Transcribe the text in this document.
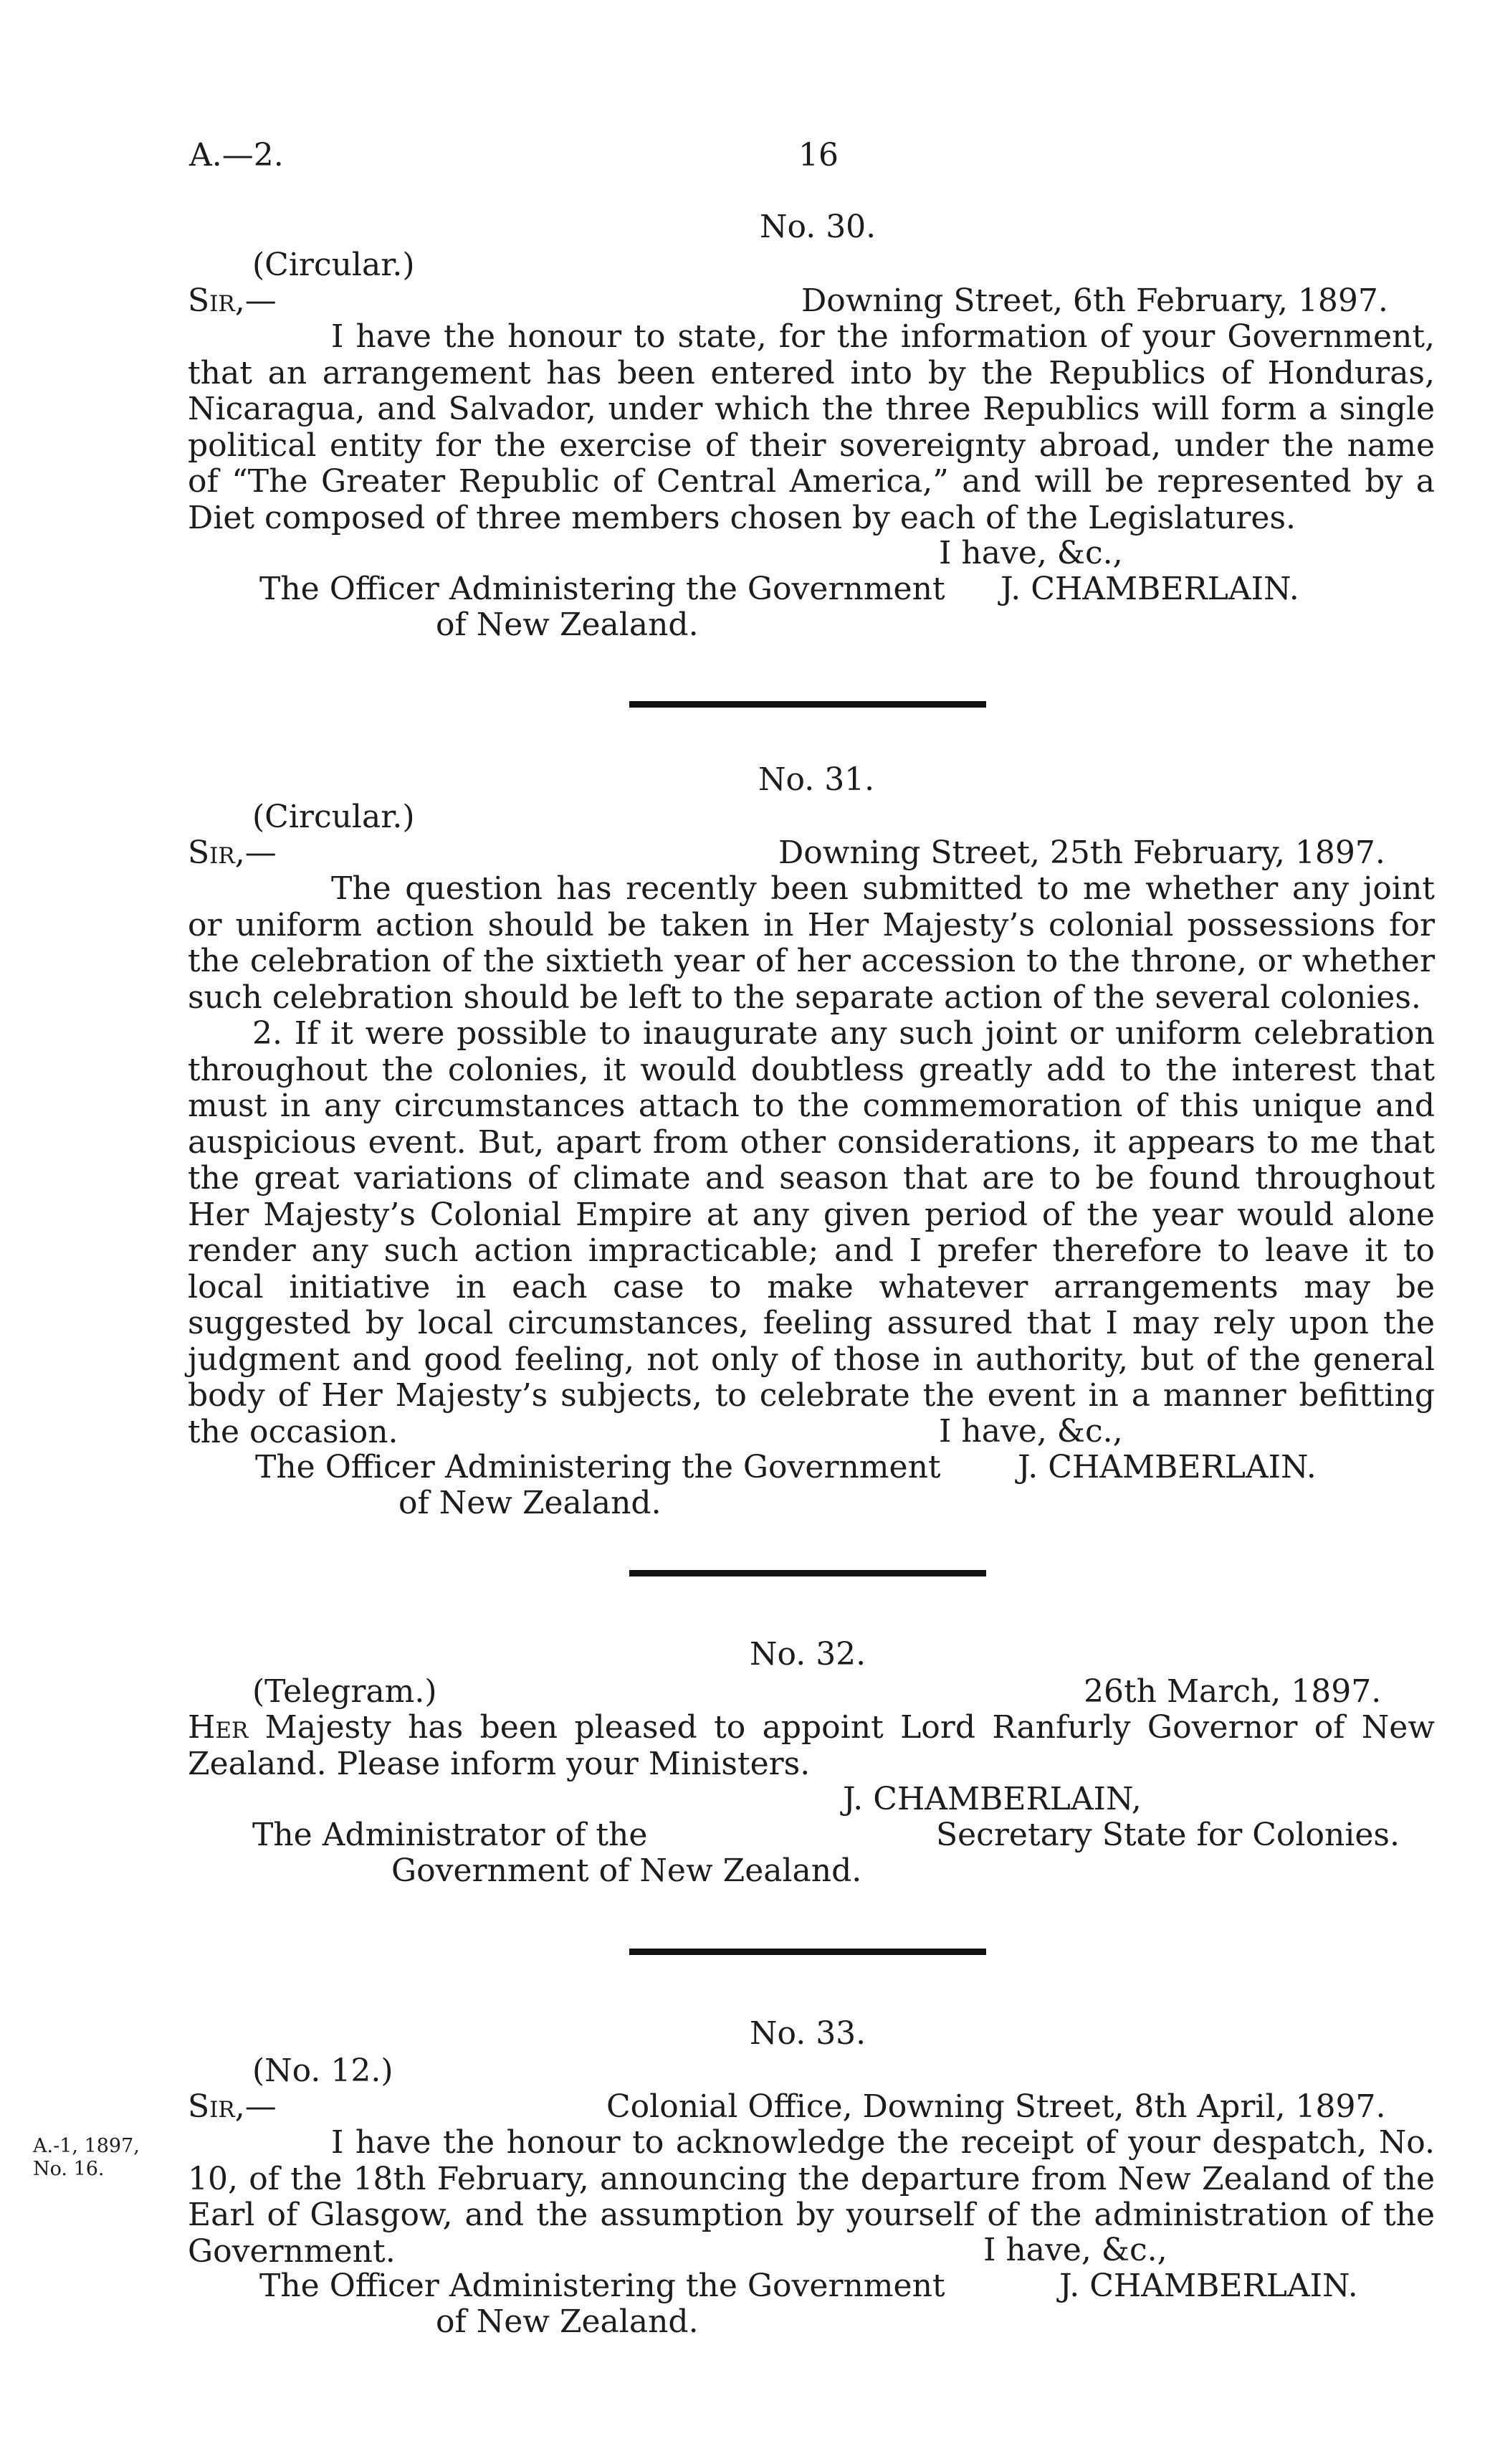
A.—2.	16
No. 30.
(Circular.)
Sir,—	Downing Street, 6th February, 1897.
I have the honour to state, for the information of your Government, that an arrangement has been entered into by the Republics of Honduras, Nicaragua, and Salvador, under which the three Republics will form a single political entity for the exercise of their sovereignty abroad, under the name of “The Greater Republic of Central America,” and will be represented by a Diet composed of three members chosen by each of the Legislatures.
I have, &c.,
The Officer Administering the Government J. CHAMBERLAIN.
of New Zealand.
No. 31.
(Circular.)
Sir,—	Downing Street, 25th February, 1897.
The question has recently been submitted to me whether any joint or uniform action should be taken in Her Majesty’s colonial possessions for the celebration of the sixtieth year of her accession to the throne, or whether such celebration should be left to the separate action of the several colonies.
2. If it were possible to inaugurate any such joint or uniform celebration throughout the colonies, it would doubtless greatly add to the interest that must in any circumstances attach to the commemoration of this unique and auspicious event. But, apart from other considerations, it appears to me that the great variations of climate and season that are to be found throughout Her Majesty’s Colonial Empire at any given period of the year would alone render any such action impracticable; and I prefer therefore to leave it to local initiative in each case to make whatever arrangements may be suggested by local circumstances, feeling assured that I may rely upon the judgment and good feeling, not only of those in authority, but of the general body of Her Majesty’s subjects, to celebrate the event in a manner befitting the occasion.	I have, &c.,
The Officer Administering the Government J. CHAMBERLAIN.
of New Zealand.
No. 32.
(Telegram.)	26th March, 1897.
Her Majesty has been pleased to appoint Lord Ranfurly Governor of New Zealand. Please inform your Ministers.
J. CHAMBERLAIN,
The Administrator of the	Secretary State for Colonies.
Government of New Zealand.
No. 33.
(No. 12.)
Sir,—	Colonial Office, Downing Street, 8th April, 1897.
A.-1, 1897,
No. 16.
I have the honour to acknowledge the receipt of your despatch, No. 10, of the 18th February, announcing the departure from New Zealand of the Earl of Glasgow, and the assumption by yourself of the administration of the Government.	I have, &c.,
The Officer Administering the Government	J. CHAMBERLAIN.
of New Zealand.
